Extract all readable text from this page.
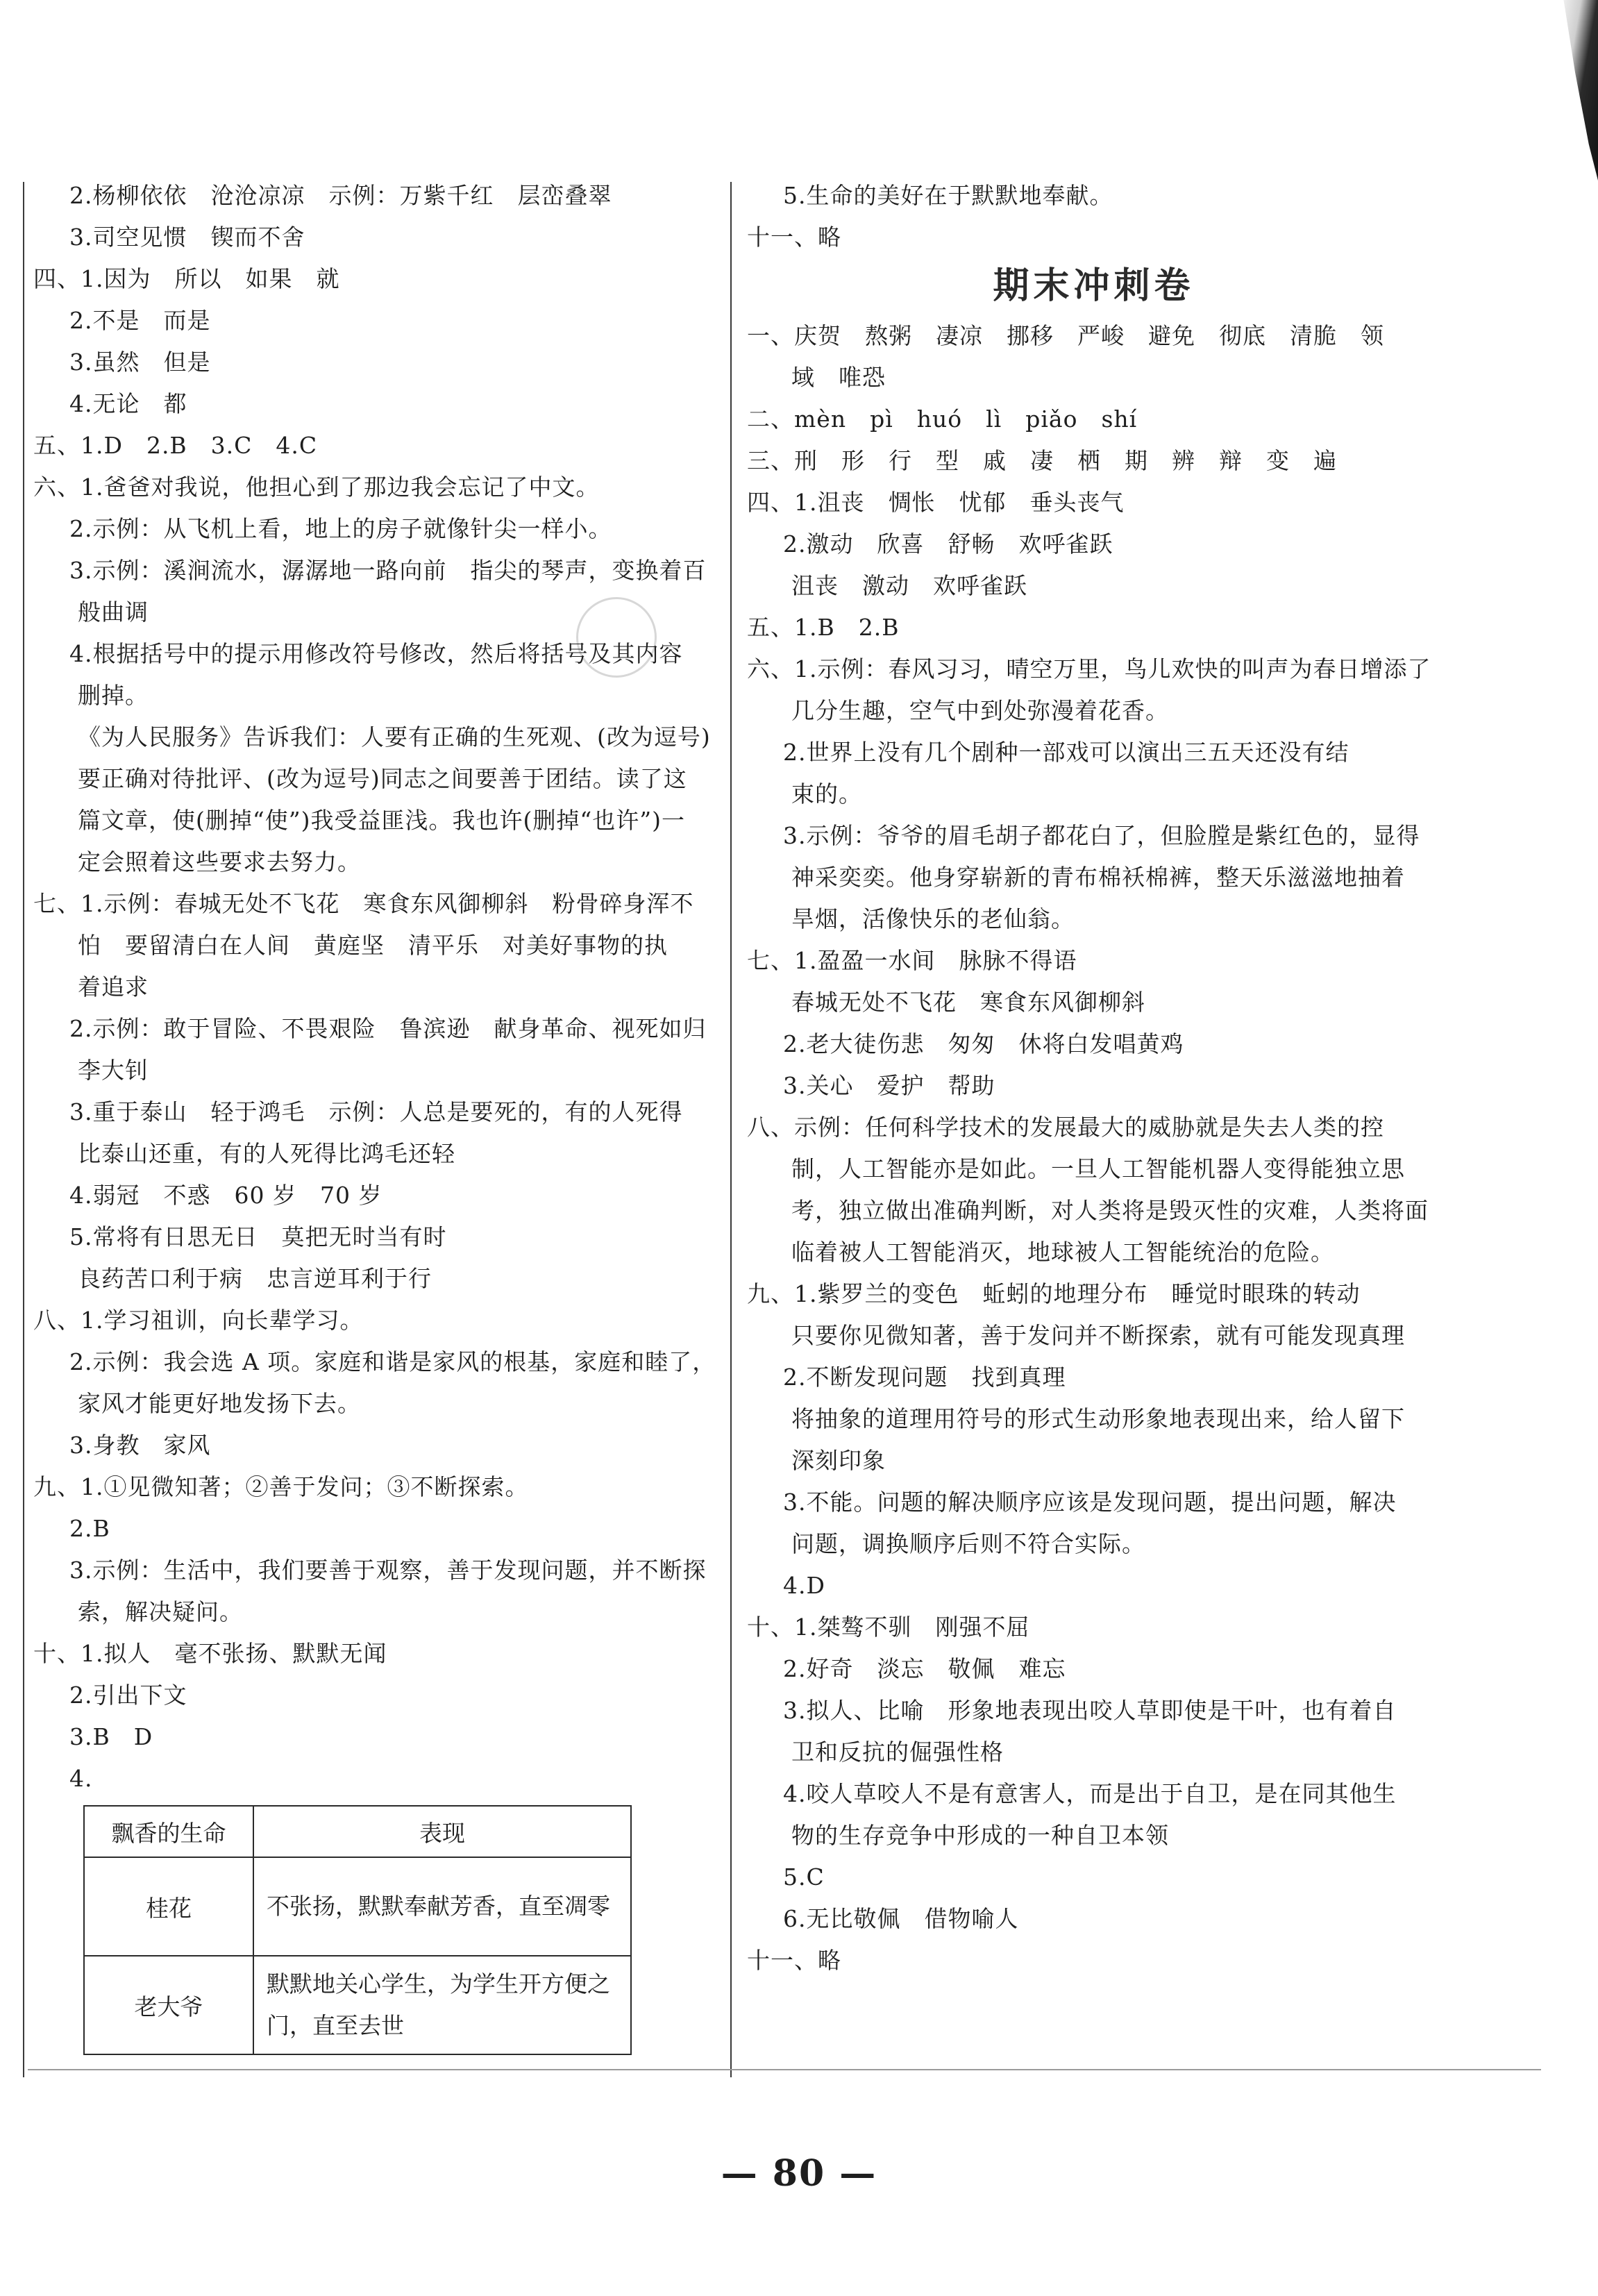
2.杨柳依依　沧沧凉凉　示例：万紫千红　层峦叠翠
3.司空见惯　锲而不舍
四、1.因为　所以　如果　就
2.不是　而是
3.虽然　但是
4.无论　都
五、1.D　2.B　3.C　4.C
六、1.爸爸对我说，他担心到了那边我会忘记了中文。
2.示例：从飞机上看，地上的房子就像针尖一样小。
3.示例：溪涧流水，潺潺地一路向前　指尖的琴声，变换着百
般曲调
4.根据括号中的提示用修改符号修改，然后将括号及其内容
删掉。
《为人民服务》告诉我们：人要有正确的生死观、(改为逗号)
要正确对待批评、(改为逗号)同志之间要善于团结。读了这
篇文章，使(删掉“使”)我受益匪浅。我也许(删掉“也许”)一
定会照着这些要求去努力。
七、1.示例：春城无处不飞花　寒食东风御柳斜　粉骨碎身浑不
怕　要留清白在人间　黄庭坚　清平乐　对美好事物的执
着追求
2.示例：敢于冒险、不畏艰险　鲁滨逊　献身革命、视死如归
李大钊
3.重于泰山　轻于鸿毛　示例：人总是要死的，有的人死得
比泰山还重，有的人死得比鸿毛还轻
4.弱冠　不惑　60 岁　70 岁
5.常将有日思无日　莫把无时当有时
良药苦口利于病　忠言逆耳利于行
八、1.学习祖训，向长辈学习。
2.示例：我会选 A 项。家庭和谐是家风的根基，家庭和睦了，
家风才能更好地发扬下去。
3.身教　家风
九、1.①见微知著；②善于发问；③不断探索。
2.B
3.示例：生活中，我们要善于观察，善于发现问题，并不断探
索，解决疑问。
十、1.拟人　毫不张扬、默默无闻
2.引出下文
3.B　D
4.
飘香的生命	表现
桂花	不张扬，默默奉献芳香，直至凋零
老大爷	默默地关心学生，为学生开方便之门，直至去世
5.生命的美好在于默默地奉献。
十一、略
期末冲刺卷
一、庆贺　熬粥　凄凉　挪移　严峻　避免　彻底　清脆　领
域　唯恐
二、mèn　pì　huó　lì　piǎo　shí
三、刑　形　行　型　戚　凄　栖　期　辨　辩　变　遍
四、1.沮丧　惆怅　忧郁　垂头丧气
2.激动　欣喜　舒畅　欢呼雀跃
沮丧　激动　欢呼雀跃
五、1.B　2.B
六、1.示例：春风习习，晴空万里，鸟儿欢快的叫声为春日增添了
几分生趣，空气中到处弥漫着花香。
2.世界上没有几个剧种一部戏可以演出三五天还没有结
束的。
3.示例：爷爷的眉毛胡子都花白了，但脸膛是紫红色的，显得
神采奕奕。他身穿崭新的青布棉袄棉裤，整天乐滋滋地抽着
旱烟，活像快乐的老仙翁。
七、1.盈盈一水间　脉脉不得语
春城无处不飞花　寒食东风御柳斜
2.老大徒伤悲　匆匆　休将白发唱黄鸡
3.关心　爱护　帮助
八、示例：任何科学技术的发展最大的威胁就是失去人类的控
制，人工智能亦是如此。一旦人工智能机器人变得能独立思
考，独立做出准确判断，对人类将是毁灭性的灾难，人类将面
临着被人工智能消灭，地球被人工智能统治的危险。
九、1.紫罗兰的变色　蚯蚓的地理分布　睡觉时眼珠的转动
只要你见微知著，善于发问并不断探索，就有可能发现真理
2.不断发现问题　找到真理
将抽象的道理用符号的形式生动形象地表现出来，给人留下
深刻印象
3.不能。问题的解决顺序应该是发现问题，提出问题，解决
问题，调换顺序后则不符合实际。
4.D
十、1.桀骜不驯　刚强不屈
2.好奇　淡忘　敬佩　难忘
3.拟人、比喻　形象地表现出咬人草即使是干叶，也有着自
卫和反抗的倔强性格
4.咬人草咬人不是有意害人，而是出于自卫，是在同其他生
物的生存竞争中形成的一种自卫本领
5.C
6.无比敬佩　借物喻人
十一、略
— 80 —
